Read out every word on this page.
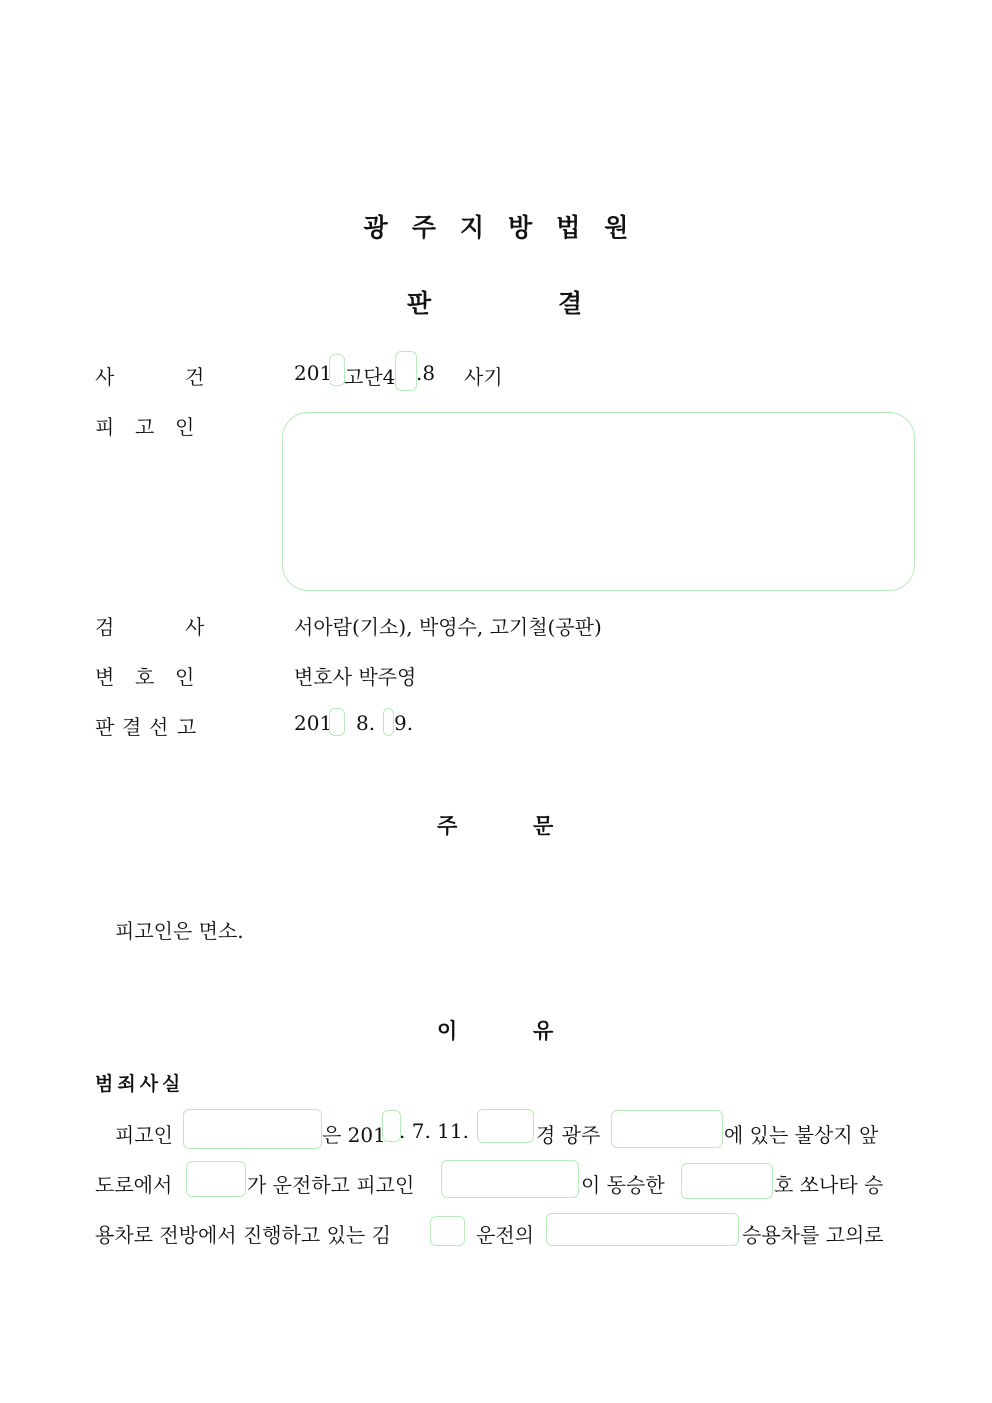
광주지방법원
판	결
사	건	201 고단4 .8 사기
피 고 인
검	사	서아람(기소), 박영수, 고기철(공판)
변 호 인	변호사 박주영
판 결 선 고	201 8. 9.
주	문
피고인은 면소.
이	유
범죄사실
피고인	은 201 . 7. 11.	경 광주	에 있는 불상지 앞
도로에서	가 운전하고 피고인	이 동승한	호 쏘나타 승
용차로 전방에서 진행하고 있는 김	운전의	승용차를 고의로
